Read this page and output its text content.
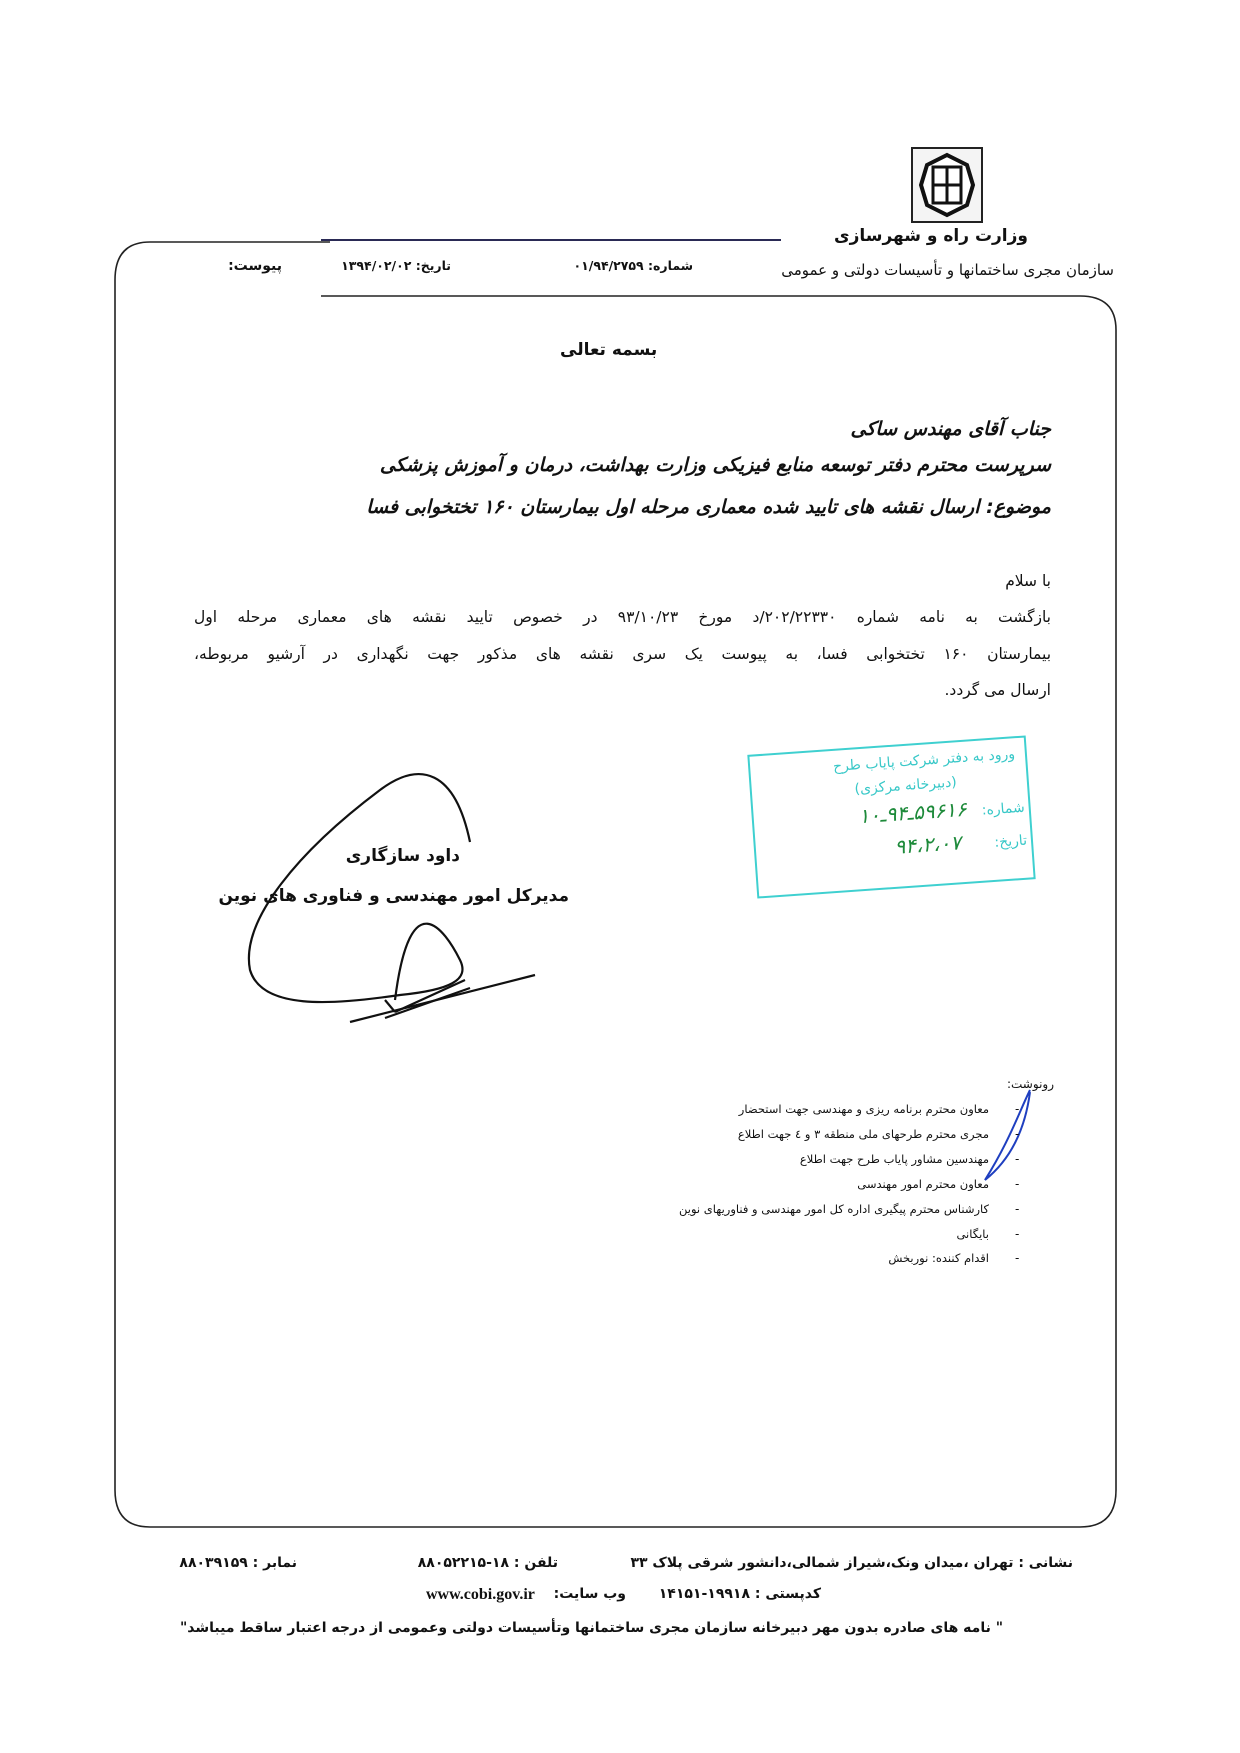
وزارت راه و شهرسازی
سازمان مجری ساختمانها و تأسیسات دولتی و عمومی
شماره: ۰۱/۹۴/۲۷۵۹
تاریخ: ۱۳۹۴/۰۲/۰۲
پیوست:
بسمه تعالی
جناب آقای مهندس ساکی
سرپرست محترم دفتر توسعه منابع فیزیکی وزارت بهداشت، درمان و آموزش پزشکی
موضوع: ارسال نقشه های تایید شده معماری مرحله اول بیمارستان ۱۶۰ تختخوابی فسا
با سلام
بازگشت به نامه شماره ۲۰۲/۲۲۳۳۰/د مورخ ۹۳/۱۰/۲۳ در خصوص تایید نقشه های معماری مرحله اول
بیمارستان ۱۶۰ تختخوابی فسا، به پیوست یک سری نقشه های مذکور جهت نگهداری در آرشیو مربوطه،
ارسال می گردد.
ورود به دفتر شرکت پایاب طرح
(دبیرخانه مرکزی)
شماره:
۵۹۶۱۶ـ۹۴ـ۱۰
تاریخ:
۹۴،۲،۰۷
داود سازگاری
مدیرکل امور مهندسی و فناوری های نوین
رونوشت:
-
معاون محترم برنامه ریزی و مهندسی جهت استحضار
-
مجری محترم طرحهای ملی منطقه ۳ و ٤ جهت اطلاع
-
مهندسین مشاور پایاب طرح جهت اطلاع
-
معاون محترم امور مهندسی
-
کارشناس محترم پیگیری اداره کل امور مهندسی و فناوریهای نوین
-
بایگانی
-
اقدام کننده: نوربخش
نشانی : تهران ،میدان ونک،شیراز شمالی،دانشور شرقی پلاک ۳۳
تلفن : ۱۸-۸۸۰۵۲۲۱۵
نمابر : ۸۸۰۳۹۱۵۹
کدپستی : ۱۹۹۱۸-۱۴۱۵۱
وب سایت:
www.cobi.gov.ir
" نامه های صادره بدون مهر دبیرخانه سازمان مجری ساختمانها وتأسیسات دولتی وعمومی از درجه اعتبار ساقط میباشد"
